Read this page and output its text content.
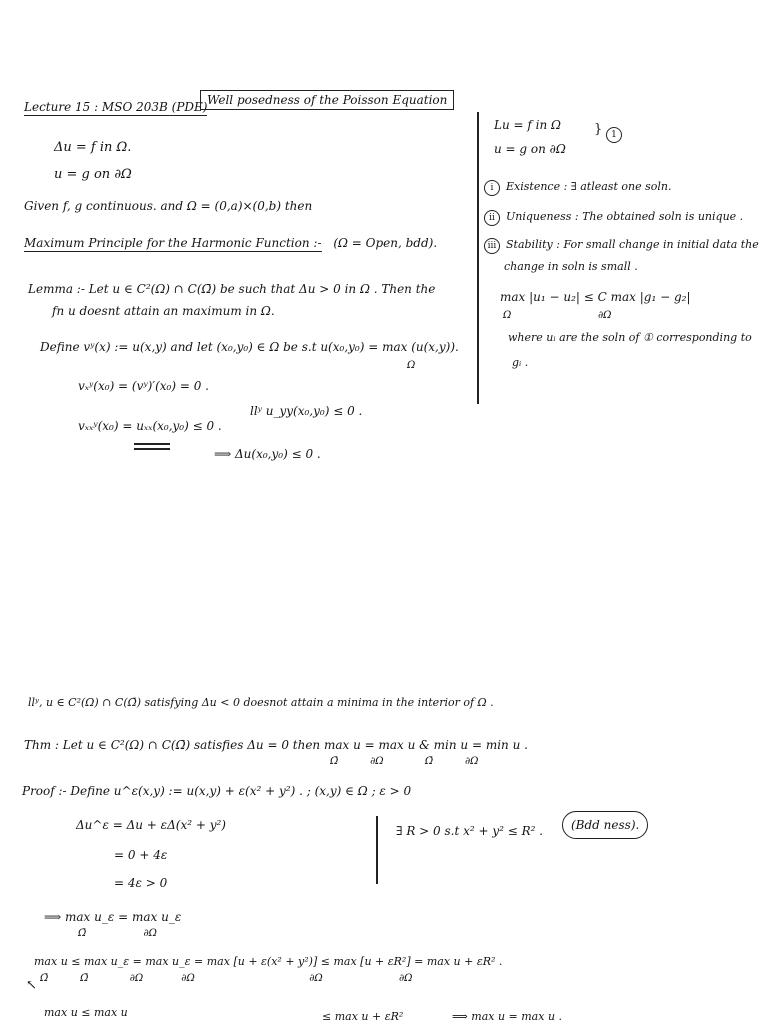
Lecture 15 : MSO 203B (PDE) Well posedness of the Poisson Equation
Δu = f in Ω.
u = g on ∂Ω
Given f, g continuous. and Ω = (0,a)×(0,b) then
Maximum Principle for the Harmonic Function :- (Ω = Open, bdd).
Lemma :- Let u ∈ C²(Ω) ∩ C(Ω̄) be such that Δu > 0 in Ω . Then the
fn u doesnt attain an maximum in Ω.
Define vʸ(x) := u(x,y) and let (x₀,y₀) ∈ Ω be s.t u(x₀,y₀) = max (u(x,y)).
Ω
vₓʸ(x₀) = (vʸ)′(x₀) = 0 .
vₓₓʸ(x₀) = uₓₓ(x₀,y₀) ≤ 0 .
llʸ u_yy(x₀,y₀) ≤ 0 .
⟹ Δu(x₀,y₀) ≤ 0 .
Lu = f in Ω
u = g on ∂Ω
} 1
i Existence : ∃ atleast one soln.
ii Uniqueness : The obtained soln is unique .
iii Stability : For small change in initial data the
change in soln is small .
max |u₁ − u₂| ≤ C max |g₁ − g₂|
Ω	∂Ω
where uᵢ are the soln of ① corresponding to
gᵢ .
llʸ, u ∈ C²(Ω) ∩ C(Ω̄) satisfying Δu < 0 doesnot attain a minima in the interior of Ω .
Thm : Let u ∈ C²(Ω) ∩ C(Ω̄) satisfies Δu = 0 then max u = max u & min u = min u .
Ω̄          ∂Ω             Ω̄          ∂Ω
Proof :- Define u^ε(x,y) := u(x,y) + ε(x² + y²) . ; (x,y) ∈ Ω ; ε > 0
Δu^ε = Δu + εΔ(x² + y²)
= 0 + 4ε
= 4ε > 0
∃ R > 0 s.t x² + y² ≤ R² .	(Bdd ness).
⟹ max u_ε = max u_ε
Ω̄                  ∂Ω
max u ≤ max u_ε = max u_ε = max [u + ε(x² + y²)] ≤ max [u + εR²] = max u + εR² .
Ω̄          Ω̄             ∂Ω            ∂Ω                                    ∂Ω                        ∂Ω
↖
max u ≤ max u	≤ max u + εR²	⟹ max u = max u .
